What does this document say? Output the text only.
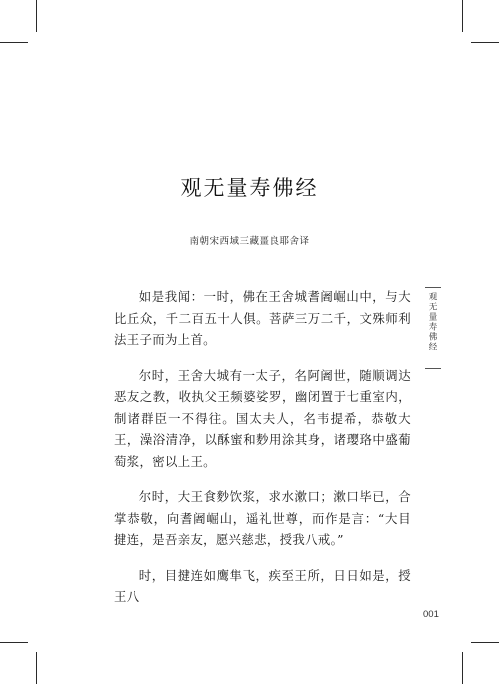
观无量寿佛经
南朝宋西域三藏畺良耶舍译

如是我闻：一时，佛在王舍城耆阇崛山中，与大比丘众，千二百五十人俱。菩萨三万二千，文殊师利法王子而为上首。

尔时，王舍大城有一太子，名阿阇世，随顺调达恶友之教，收执父王频婆娑罗，幽闭置于七重室内，制诸群臣一不得往。国太夫人，名韦提希，恭敬大王，澡浴清净，以酥蜜和麨用涂其身，诸璎珞中盛葡萄浆，密以上王。

尔时，大王食麨饮浆，求水漱口；漱口毕已，合掌恭敬，向耆阇崛山，遥礼世尊，而作是言：“大目揵连，是吾亲友，愿兴慈悲，授我八戒。”

时，目揵连如鹰隼飞，疾至王所，日日如是，授王八

观无量寿佛经
001
